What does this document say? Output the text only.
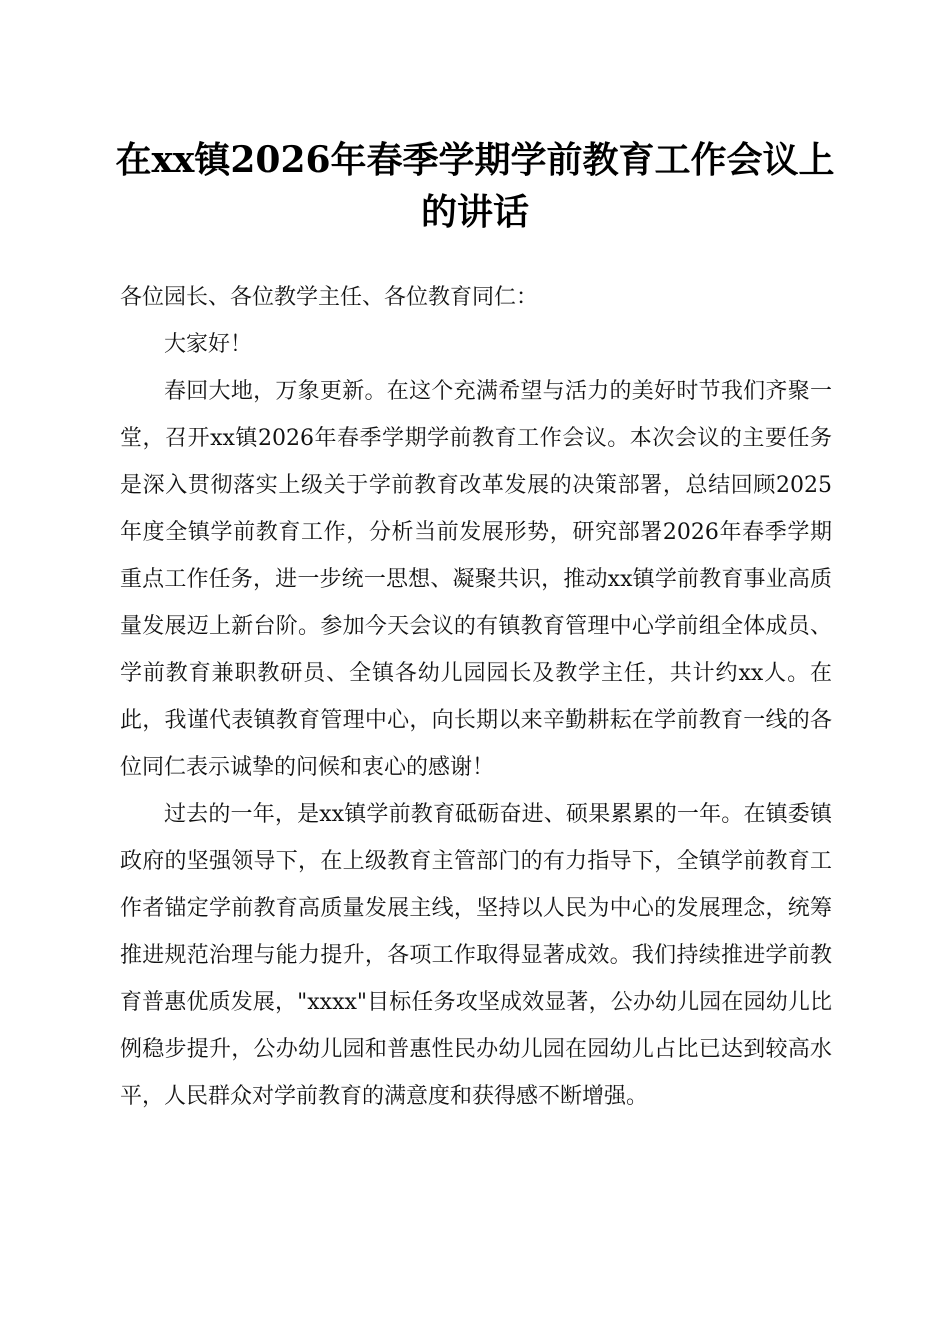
在xx镇2026年春季学期学前教育工作会议上的讲话

各位园长、各位教学主任、各位教育同仁：

大家好！

春回大地，万象更新。在这个充满希望与活力的美好时节我们齐聚一堂，召开xx镇2026年春季学期学前教育工作会议。本次会议的主要任务是深入贯彻落实上级关于学前教育改革发展的决策部署，总结回顾2025年度全镇学前教育工作，分析当前发展形势，研究部署2026年春季学期重点工作任务，进一步统一思想、凝聚共识，推动xx镇学前教育事业高质量发展迈上新台阶。参加今天会议的有镇教育管理中心学前组全体成员、学前教育兼职教研员、全镇各幼儿园园长及教学主任，共计约xx人。在此，我谨代表镇教育管理中心，向长期以来辛勤耕耘在学前教育一线的各位同仁表示诚挚的问候和衷心的感谢！

过去的一年，是xx镇学前教育砥砺奋进、硕果累累的一年。在镇委镇政府的坚强领导下，在上级教育主管部门的有力指导下，全镇学前教育工作者锚定学前教育高质量发展主线，坚持以人民为中心的发展理念，统筹推进规范治理与能力提升，各项工作取得显著成效。我们持续推进学前教育普惠优质发展，"xxxx"目标任务攻坚成效显著，公办幼儿园在园幼儿比例稳步提升，公办幼儿园和普惠性民办幼儿园在园幼儿占比已达到较高水平，人民群众对学前教育的满意度和获得感不断增强。
